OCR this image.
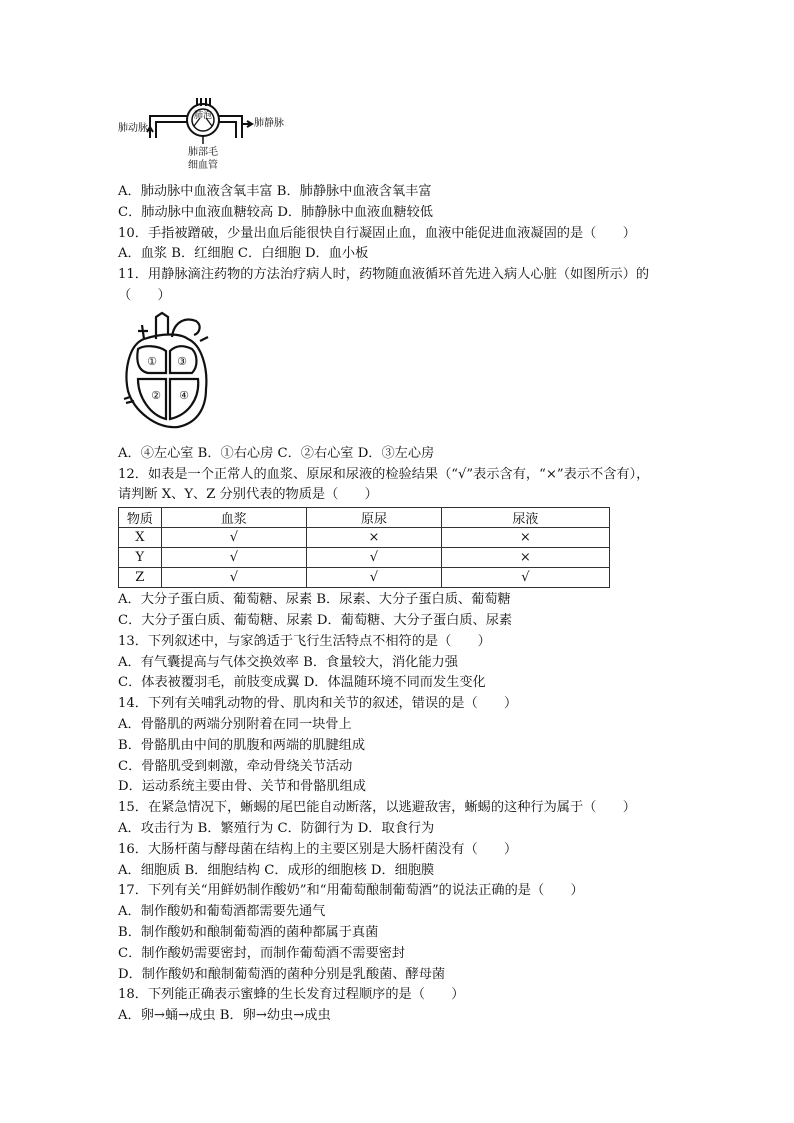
肺泡
肺动脉	肺静脉
肺部毛
细血管
A．肺动脉中血液含氧丰富 B．肺静脉中血液含氧丰富
C．肺动脉中血液血糖较高 D．肺静脉中血液血糖较低
10．手指被蹭破，少量出血后能很快自行凝固止血，血液中能促进血液凝固的是（　　）
A．血浆 B．红细胞 C．白细胞 D．血小板
11．用静脉滴注药物的方法治疗病人时，药物随血液循环首先进入病人心脏（如图所示）的
（　　）
①
②
③
④
A．④左心室 B．①右心房 C．②右心室 D．③左心房
12．如表是一个正常人的血浆、原尿和尿液的检验结果（“√”表示含有，“×”表示不含有），
请判断 X、Y、Z 分别代表的物质是（　　）
物质	血浆	原尿	尿液
X	√	×	×
Y	√	√	×
Z	√	√	√
A．大分子蛋白质、葡萄糖、尿素 B．尿素、大分子蛋白质、葡萄糖
C．大分子蛋白质、葡萄糖、尿素 D．葡萄糖、大分子蛋白质、尿素
13．下列叙述中，与家鸽适于飞行生活特点不相符的是（　　）
A．有气囊提高与气体交换效率 B．食量较大，消化能力强
C．体表被覆羽毛，前肢变成翼 D．体温随环境不同而发生变化
14．下列有关哺乳动物的骨、肌肉和关节的叙述，错误的是（　　）
A．骨骼肌的两端分别附着在同一块骨上
B．骨骼肌由中间的肌腹和两端的肌腱组成
C．骨骼肌受到刺激，牵动骨绕关节活动
D．运动系统主要由骨、关节和骨骼肌组成
15．在紧急情况下，蜥蜴的尾巴能自动断落，以逃避敌害，蜥蜴的这种行为属于（　　）
A．攻击行为 B．繁殖行为 C．防御行为 D．取食行为
16．大肠杆菌与酵母菌在结构上的主要区别是大肠杆菌没有（　　）
A．细胞质 B．细胞结构 C．成形的细胞核 D．细胞膜
17．下列有关“用鲜奶制作酸奶”和“用葡萄酿制葡萄酒”的说法正确的是（　　）
A．制作酸奶和葡萄酒都需要先通气
B．制作酸奶和酿制葡萄酒的菌种都属于真菌
C．制作酸奶需要密封，而制作葡萄酒不需要密封
D．制作酸奶和酿制葡萄酒的菌种分别是乳酸菌、酵母菌
18．下列能正确表示蜜蜂的生长发育过程顺序的是（　　）
A．卵→蛹→成虫 B．卵→幼虫→成虫
